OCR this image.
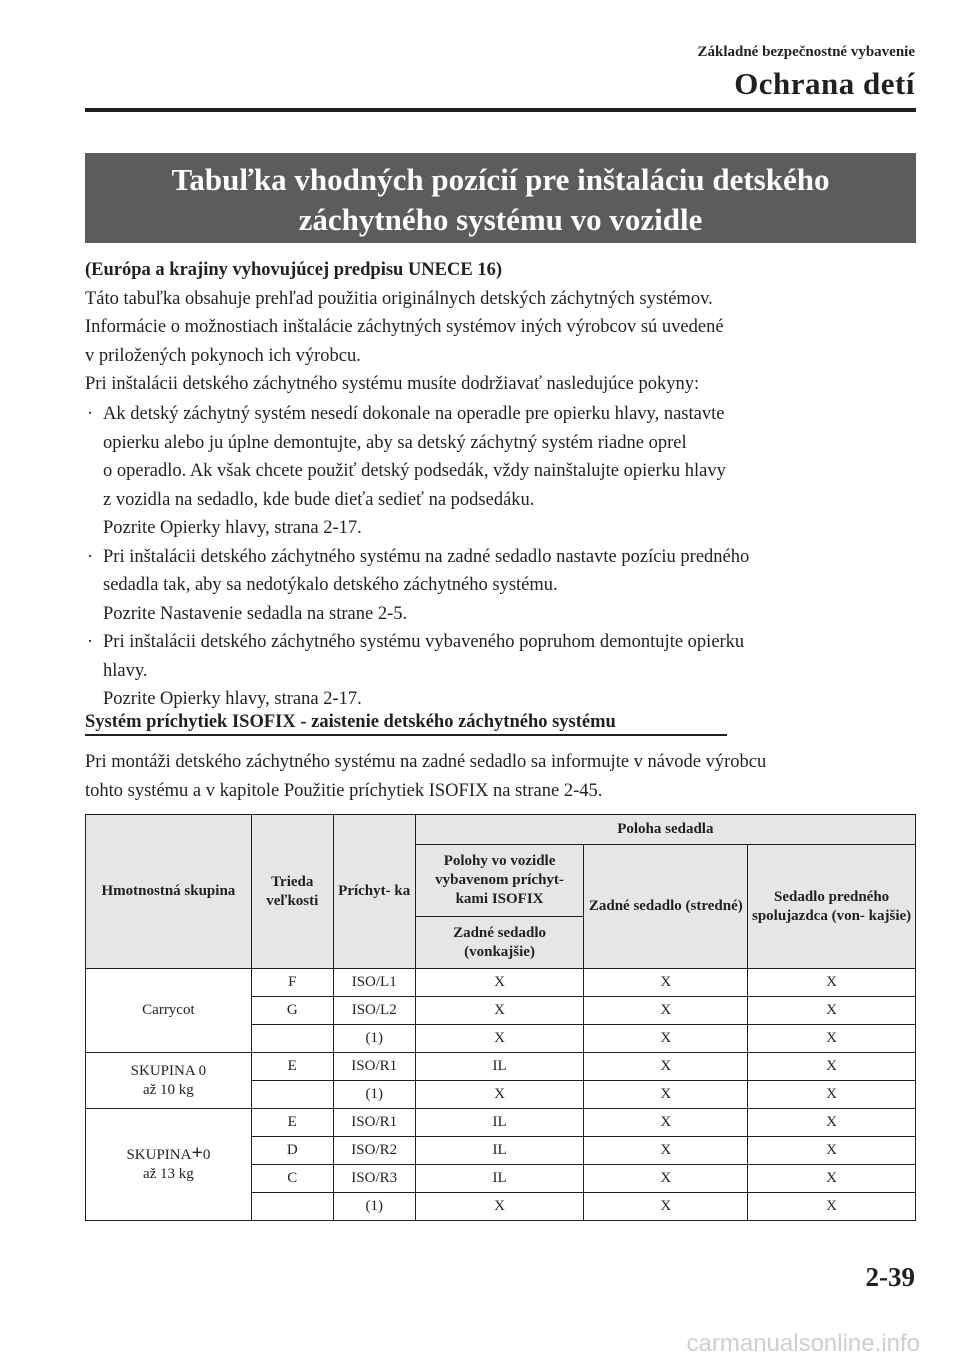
Základné bezpečnostné vybavenie
Ochrana detí
Tabuľka vhodných pozícií pre inštaláciu detského
záchytného systému vo vozidle

(Európa a krajiny vyhovujúcej predpisu UNECE 16)

Táto tabuľka obsahuje prehľad použitia originálnych detských záchytných systémov.

Informácie o možnostiach inštalácie záchytných systémov iných výrobcov sú uvedené

v priložených pokynoch ich výrobcu.

Pri inštalácii detského záchytného systému musíte dodržiavať nasledujúce pokyny:

· Ak detský záchytný systém nesedí dokonale na operadle pre opierku hlavy, nastavte
opierku alebo ju úplne demontujte, aby sa detský záchytný systém riadne oprel
o operadlo. Ak však chcete použiť detský podsedák, vždy nainštalujte opierku hlavy
z vozidla na sedadlo, kde bude dieťa sedieť na podsedáku.
Pozrite Opierky hlavy, strana 2-17.
· Pri inštalácii detského záchytného systému na zadné sedadlo nastavte pozíciu predného
sedadla tak, aby sa nedotýkalo detského záchytného systému.
Pozrite Nastavenie sedadla na strane 2-5.
· Pri inštalácii detského záchytného systému vybaveného popruhom demontujte opierku
hlavy.
Pozrite Opierky hlavy, strana 2-17.
Systém príchytiek ISOFIX - zaistenie detského záchytného systému

Pri montáži detského záchytného systému na zadné sedadlo sa informujte v návode výrobcu

tohto systému a v kapitole Použitie príchytiek ISOFIX na strane 2-45.

Hmotnostná skupina	Trieda veľkosti	Príchyt- ka	Poloha sedadla		
			Polohy vo vozidle vybavenom príchyt- kami ISOFIX	Zadné sedadlo (stredné)	Sedadlo predného spolujazdca (von- kajšie)
			Zadné sedadlo (vonkajšie)		
Carrycot	F	ISO/L1	X	X	X
	G	ISO/L2	X	X	X
		(1)	X	X	X

SKUPINA 0
až 10 kg	E	ISO/R1	IL	X	X
		(1)	X	X	X

SKUPINA+0
až 13 kg	E	ISO/R1	IL	X	X
	D	ISO/R2	IL	X	X
	C	ISO/R3	IL	X	X
		(1)	X	X	X
2-39
carmanualsonline.info
